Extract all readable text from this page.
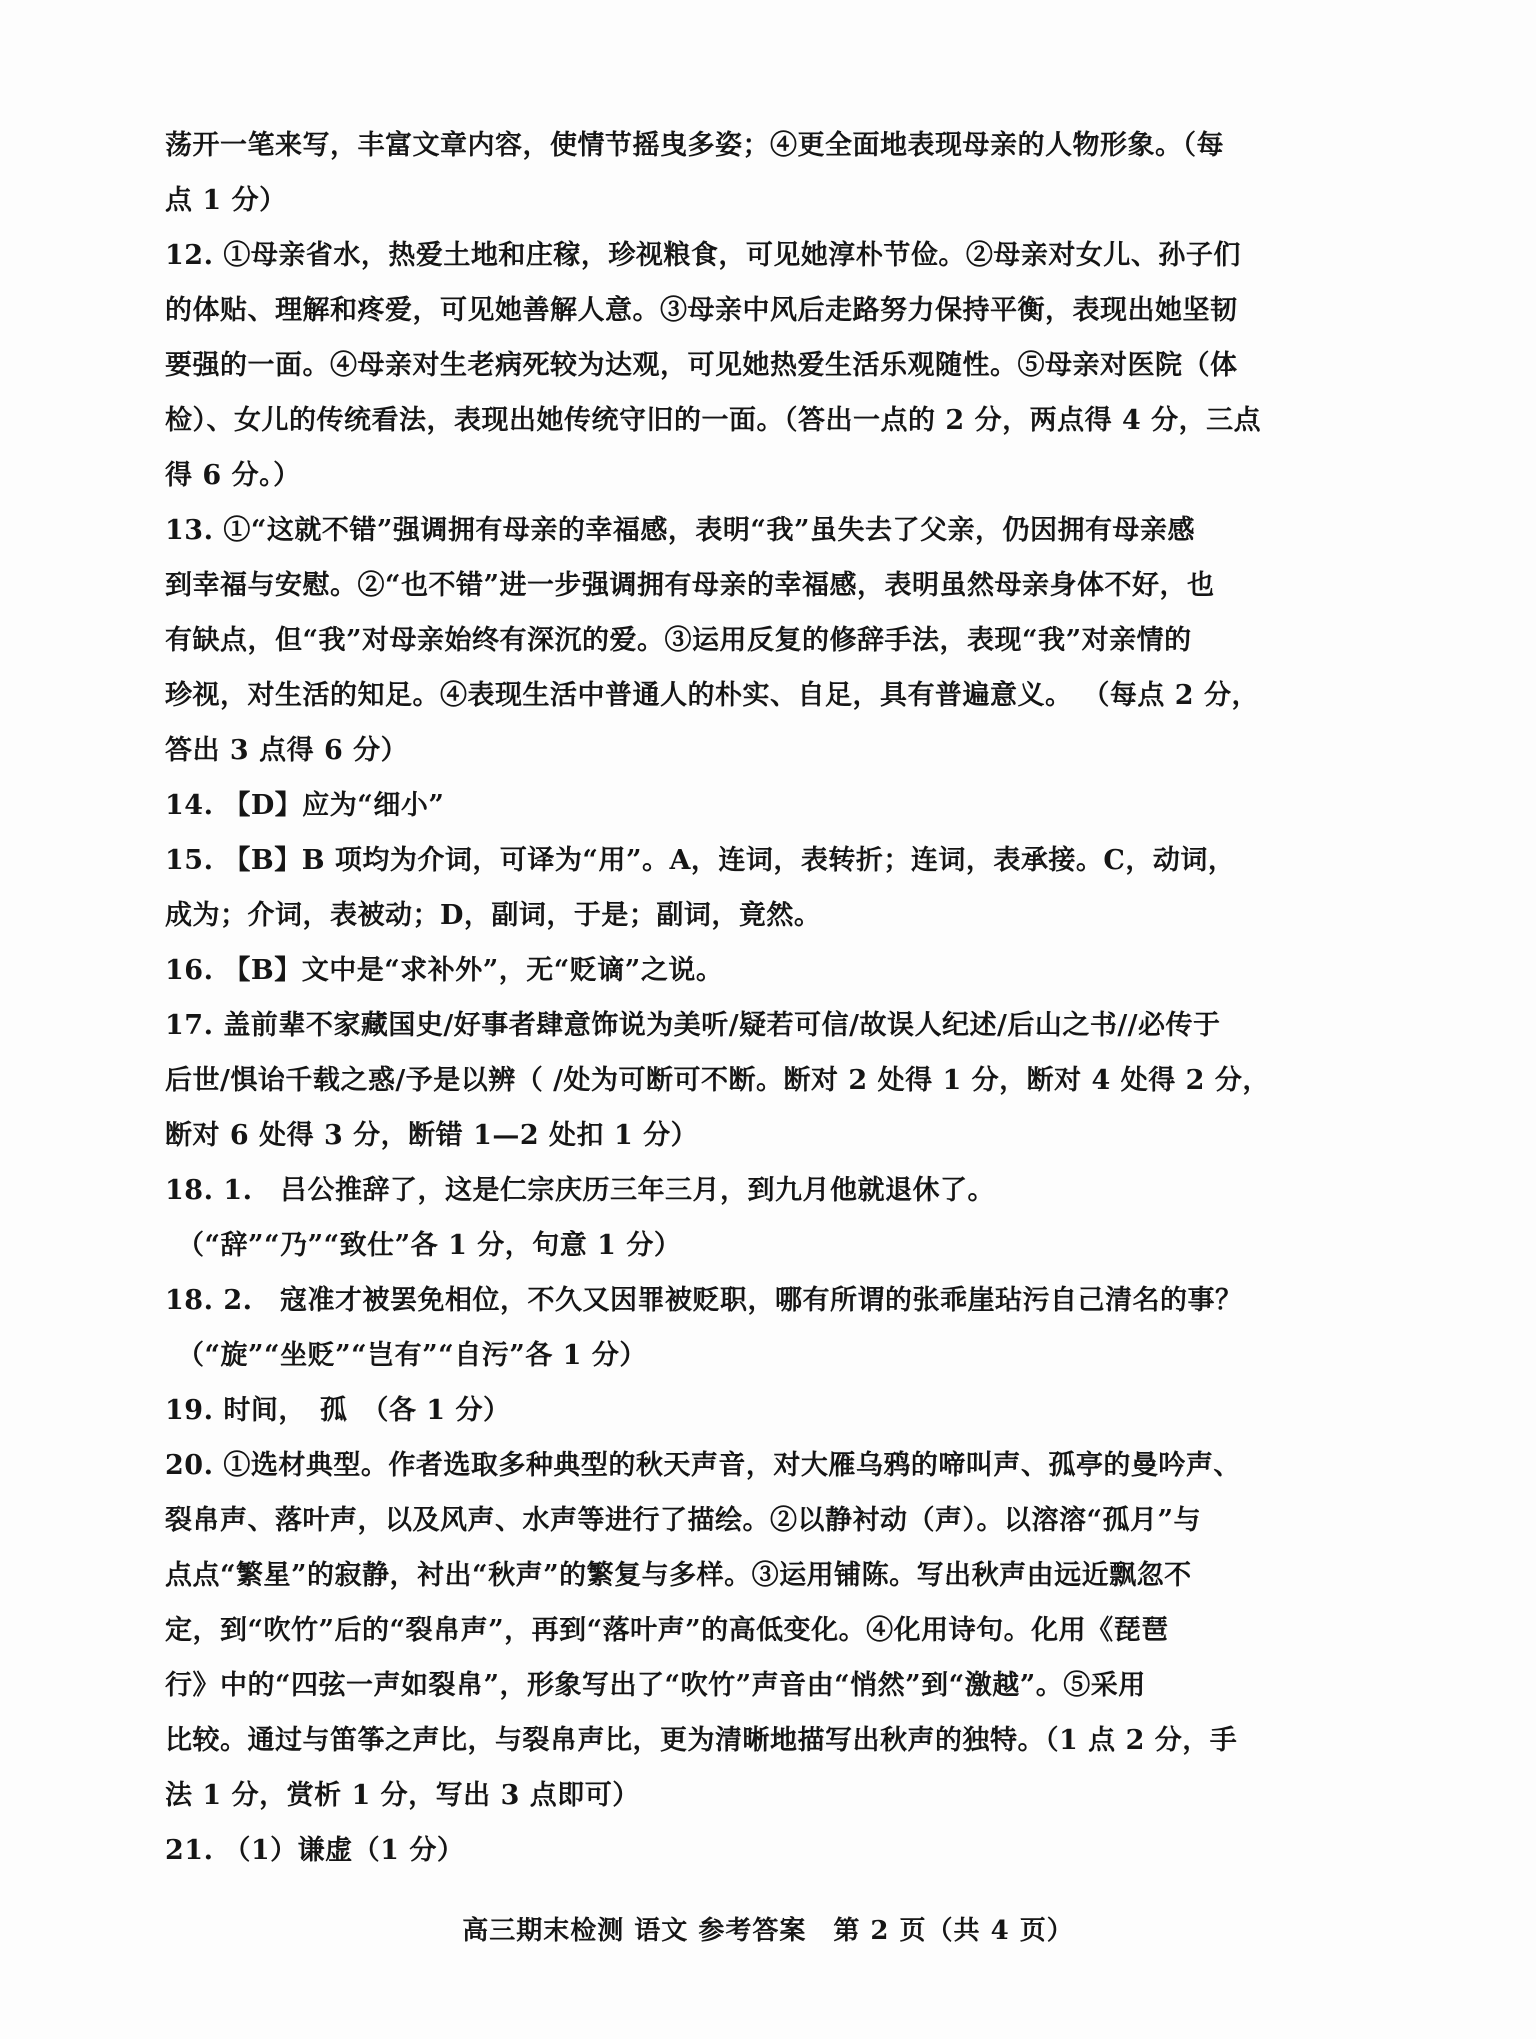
荡开一笔来写，丰富文章内容，使情节摇曳多姿；④更全面地表现母亲的人物形象。（每
点 1 分）
12. ①母亲省水，热爱土地和庄稼，珍视粮食，可见她淳朴节俭。②母亲对女儿、孙子们
的体贴、理解和疼爱，可见她善解人意。③母亲中风后走路努力保持平衡，表现出她坚韧
要强的一面。④母亲对生老病死较为达观，可见她热爱生活乐观随性。⑤母亲对医院（体
检）、女儿的传统看法，表现出她传统守旧的一面。（答出一点的 2 分，两点得 4 分，三点
得 6 分。）
13. ①“这就不错”强调拥有母亲的幸福感，表明“我”虽失去了父亲，仍因拥有母亲感
到幸福与安慰。②“也不错”进一步强调拥有母亲的幸福感，表明虽然母亲身体不好，也
有缺点，但“我”对母亲始终有深沉的爱。③运用反复的修辞手法，表现“我”对亲情的
珍视，对生活的知足。④表现生活中普通人的朴实、自足，具有普遍意义。 （每点 2 分，
答出 3 点得 6 分）
14. 【D】应为“细小”
15. 【B】B 项均为介词，可译为“用”。A，连词，表转折；连词，表承接。C，动词，
成为；介词，表被动；D，副词，于是；副词，竟然。
16. 【B】文中是“求补外”，无“贬谪”之说。
17. 盖前辈不家藏国史/好事者肆意饰说为美听/疑若可信/故误人纪述/后山之书//必传于
后世/惧诒千载之惑/予是以辨（ /处为可断可不断。断对 2 处得 1 分，断对 4 处得 2 分，
断对 6 处得 3 分，断错 1—2 处扣 1 分）
18. 1.　吕公推辞了，这是仁宗庆历三年三月，到九月他就退休了。
（“辞”“乃”“致仕”各 1 分，句意 1 分）
18. 2.　寇准才被罢免相位，不久又因罪被贬职，哪有所谓的张乖崖玷污自己清名的事？
（“旋”“坐贬”“岂有”“自污”各 1 分）
19. 时间，　孤　（各 1 分）
20. ①选材典型。作者选取多种典型的秋天声音，对大雁乌鸦的啼叫声、孤亭的曼吟声、
裂帛声、落叶声，以及风声、水声等进行了描绘。②以静衬动（声）。以溶溶“孤月”与
点点“繁星”的寂静，衬出“秋声”的繁复与多样。③运用铺陈。写出秋声由远近飘忽不
定，到“吹竹”后的“裂帛声”，再到“落叶声”的高低变化。④化用诗句。化用《琵琶
行》中的“四弦一声如裂帛”，形象写出了“吹竹”声音由“悄然”到“激越”。⑤采用
比较。通过与笛筝之声比，与裂帛声比，更为清晰地描写出秋声的独特。（1 点 2 分，手
法 1 分，赏析 1 分，写出 3 点即可）
21. （1）谦虚（1 分）
高三期末检测 语文 参考答案　第 2 页（共 4 页）
